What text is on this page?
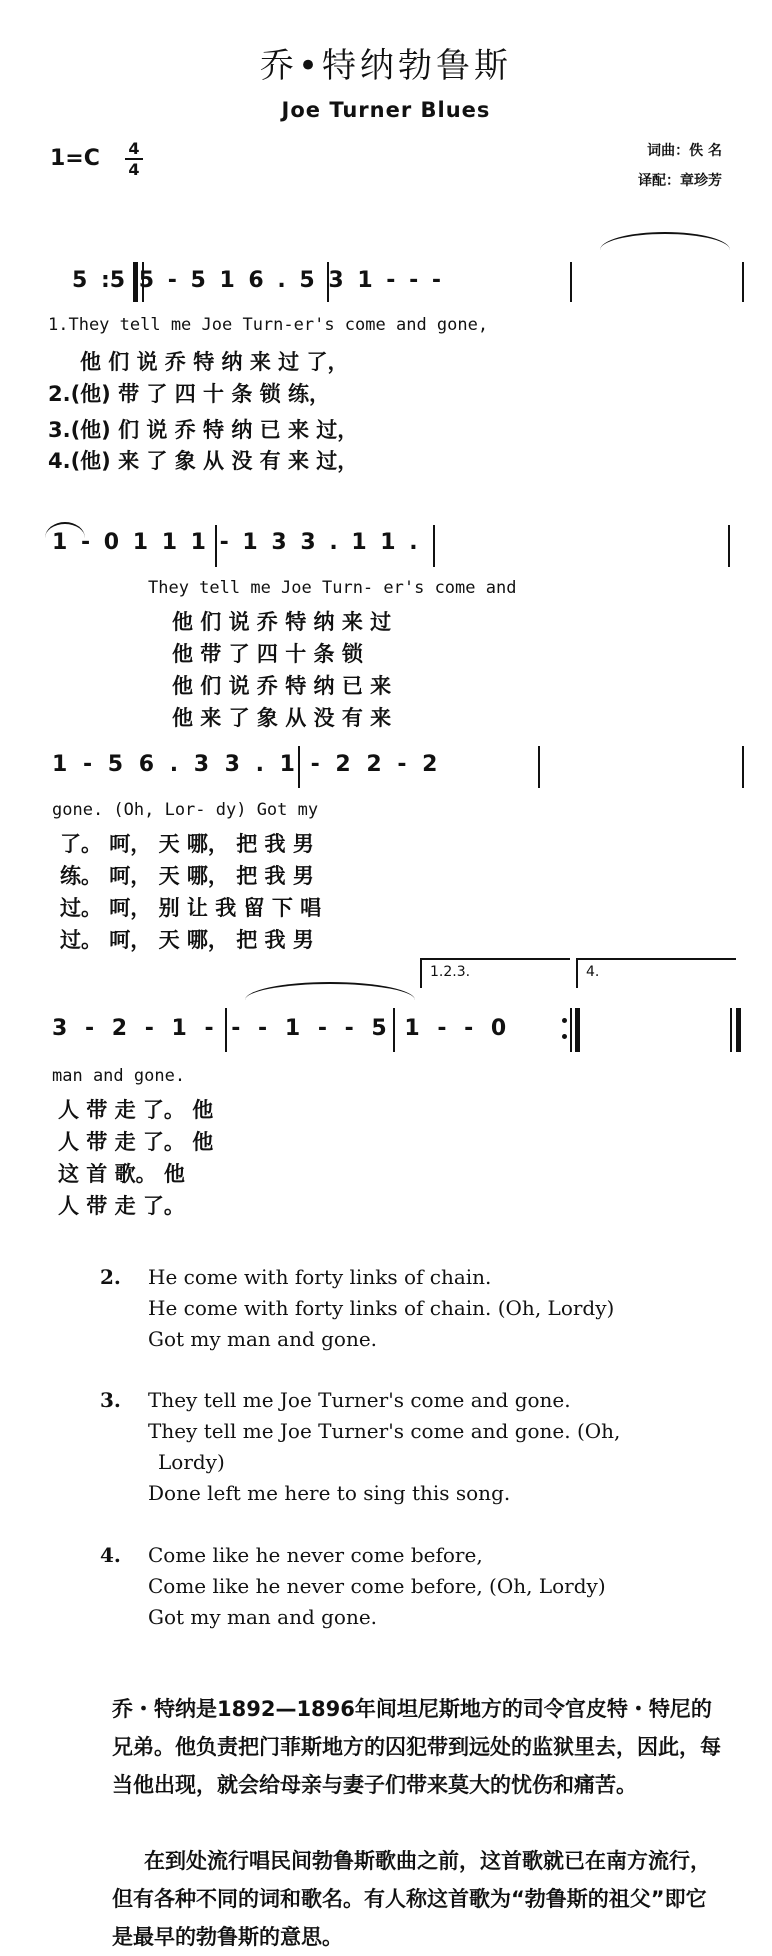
乔•特纳勃鲁斯
Joe Turner Blues
1=C 4
4
词曲：佚 名
译配：章珍芳
5 :5 5 - 5 1 6 . 5 3 1 - - -
1.They tell me Joe Turn-er's come and gone,
他 们 说 乔 特 纳 来 过 了，
2.(他) 带 了 四 十 条 锁 练，
3.(他) 们 说 乔 特 纳 已 来 过，
4.(他) 来 了 象 从 没 有 来 过，
1 - 0 1 1 1 - 1 3 3 . 1 1 .
They tell me Joe Turn- er's come and
他 们 说 乔 特 纳 来 过
他 带 了 四 十 条 锁
他 们 说 乔 特 纳 已 来
他 来 了 象 从 没 有 来
1 - 5 6 . 3 3 . 1 - 2 2 - 2
gone. (Oh, Lor- dy) Got my
了。 呵， 天 哪， 把 我 男
练。 呵， 天 哪， 把 我 男
过。 呵， 别 让 我 留 下 唱
过。 呵， 天 哪， 把 我 男
1.2.3.	4.
3 - 2 - 1 - - - 1 - - 5 1 - - 0
man and gone.
人 带 走 了。 他
人 带 走 了。 他
这 首 歌。 他
人 带 走 了。
2. He come with forty links of chain.
He come with forty links of chain. (Oh, Lordy)
Got my man and gone.
3. They tell me Joe Turner's come and gone.
They tell me Joe Turner's come and gone. (Oh,
Lordy)
Done left me here to sing this song.
4. Come like he never come before,
Come like he never come before, (Oh, Lordy)
Got my man and gone.
乔・特纳是1892—1896年间坦尼斯地方的司令官皮特・特尼的兄弟。他负责把门菲斯地方的囚犯带到远处的监狱里去，因此，每当他出现，就会给母亲与妻子们带来莫大的忧伤和痛苦。
在到处流行唱民间勃鲁斯歌曲之前，这首歌就已在南方流行，但有各种不同的词和歌名。有人称这首歌为“勃鲁斯的祖父”即它是最早的勃鲁斯的意思。
